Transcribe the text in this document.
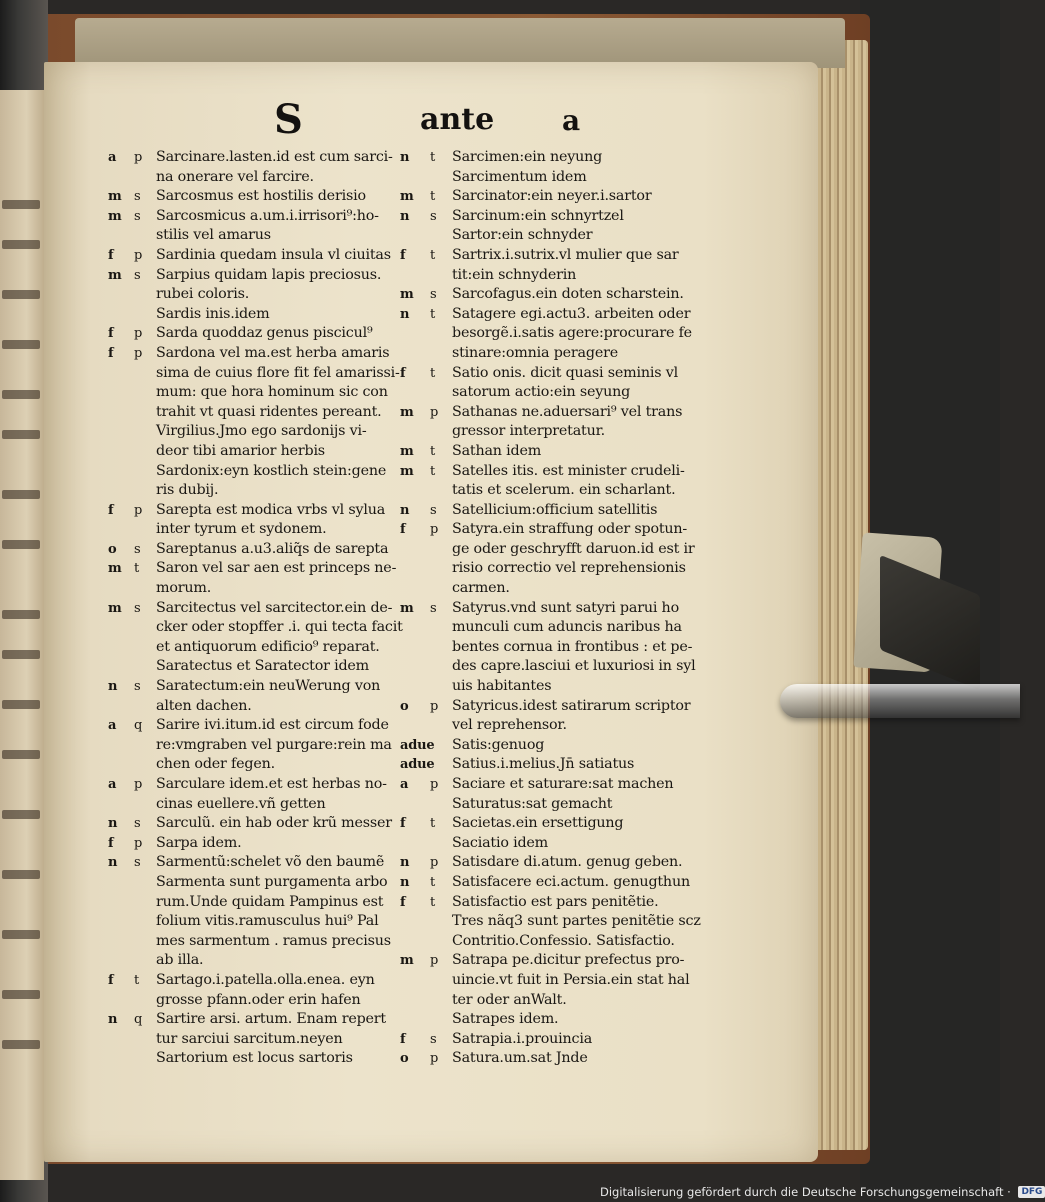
S	ante a
a	p Sarcinare.lasten.id est cum sarci-
na onerare vel farcire.
m s	Sarcosmus est hostilis derisio
m s	Sarcosmicus a.um.i.irrisori⁹:ho-
stilis vel amarus
f	p Sardinia quedam insula vl ciuitas
m s	Sarpius quidam lapis preciosus.
rubei coloris.
Sardis inis.idem
f	p Sarda quoddaz genus piscicul⁹
f	p Sardona vel ma.est herba amaris
sima de cuius flore fit fel amarissi-
mum: que hora hominum sic con
trahit vt quasi ridentes pereant.
Virgilius.Jmo ego sardonijs vi-
deor tibi amarior herbis
Sardonix:eyn kostlich stein:gene
ris dubij.
f	p Sarepta est modica vrbs vl sylua
inter tyrum et sydonem.
o	s	Sareptanus a.u3.aliq̃s de sarepta
m t	Saron vel sar aen est princeps ne-
morum.
m s	Sarcitectus vel sarcitector.ein de-
cker oder stopffer .i. qui tecta facit
et antiquorum edificio⁹ reparat.
Saratectus et Saratector idem
n	s	Saratectum:ein neuWerung von
alten dachen.
a	q Sarire ivi.itum.id est circum fode
re:vmgraben vel purgare:rein ma
chen oder fegen.
a	p Sarculare idem.et est herbas no-
cinas euellere.vñ getten
n	s	Sarculũ. ein hab oder krũ messer
f	p Sarpa idem.
n	s	Sarmentũ:schelet võ den baumẽ
Sarmenta sunt purgamenta arbo
rum.Unde quidam Pampinus est
folium vitis.ramusculus hui⁹ Pal
mes sarmentum . ramus precisus
ab illa.
f	t	Sartago.i.patella.olla.enea. eyn
grosse pfann.oder erin hafen
n	q Sartire arsi. artum. Enam repert
tur sarciui sarcitum.neyen
Sartorium est locus sartoris
n	t	Sarcimen:ein neyung
Sarcimentum idem
m	t	Sarcinator:ein neyer.i.sartor
n	s	Sarcinum:ein schnyrtzel
Sartor:ein schnyder
f	t	Sartrix.i.sutrix.vl mulier que sar
tit:ein schnyderin
m	s	Sarcofagus.ein doten scharstein.
n	t	Satagere egi.actu3. arbeiten oder
besorgẽ.i.satis agere:procurare fe
stinare:omnia peragere
f	t	Satio onis. dicit quasi seminis vl
satorum actio:ein seyung
m	p Sathanas ne.aduersari⁹ vel trans
gressor interpretatur.
m	t	Sathan idem
m	t	Satelles itis. est minister crudeli-
tatis et scelerum. ein scharlant.
n	s	Satellicium:officium satellitis
f	p Satyra.ein straffung oder spotun-
ge oder geschryfft daruon.id est ir
risio correctio vel reprehensionis
carmen.
m	s	Satyrus.vnd sunt satyri parui ho
munculi cum aduncis naribus ha
bentes cornua in frontibus : et pe-
des capre.lasciui et luxuriosi in syl
uis habitantes
o	p Satyricus.idest satirarum scriptor
vel reprehensor.
adue Satis:genuog
adue Satius.i.melius.Jn̄ satiatus
a	p Saciare et saturare:sat machen
Saturatus:sat gemacht
f	t	Sacietas.ein ersettigung
Saciatio idem
n	p Satisdare di.atum. genug geben.
n	t	Satisfacere eci.actum. genugthun
f	t	Satisfactio est pars penitẽtie.
Tres nãq3 sunt partes penitẽtie scz
Contritio.Confessio. Satisfactio.
m	p Satrapa pe.dicitur prefectus pro-
uincie.vt fuit in Persia.ein stat hal
ter oder anWalt.
Satrapes idem.
f	s	Satrapia.i.prouincia
o	p Satura.um.sat Jnde
Digitalisierung gefördert durch die Deutsche Forschungsgemeinschaft · DFG
